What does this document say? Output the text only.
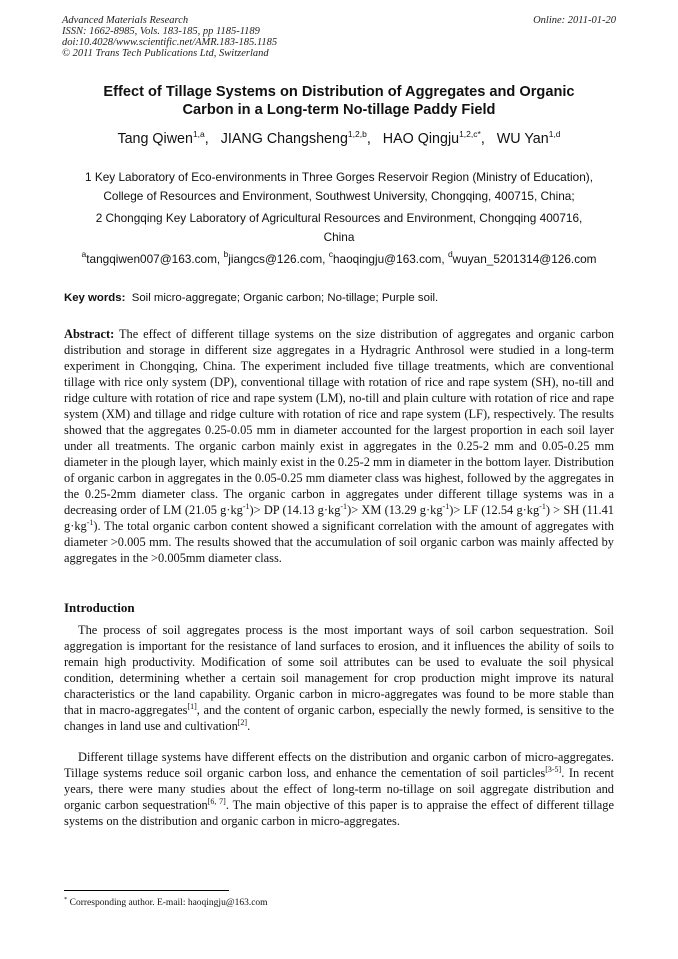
Advanced Materials Research
ISSN: 1662-8985, Vols. 183-185, pp 1185-1189
doi:10.4028/www.scientific.net/AMR.183-185.1185
© 2011 Trans Tech Publications Ltd, Switzerland
Online: 2011-01-20
Effect of Tillage Systems on Distribution of Aggregates and Organic
Carbon in a Long-term No-tillage Paddy Field
Tang Qiwen$^{1,a}$, JIANG Changsheng$^{1,2,b}$, HAO Qingju$^{1,2,c*}$, WU Yan$^{1,d}$
1 Key Laboratory of Eco-environments in Three Gorges Reservoir Region (Ministry of Education),
College of Resources and Environment, Southwest University, Chongqing, 400715, China;
2 Chongqing Key Laboratory of Agricultural Resources and Environment, Chongqing 400716,
China
$^a$tangqiwen007@163.com, $^b$jiangcs@126.com, $^c$haoqingju@163.com, $^d$wuyan_5201314@126.com
Key words: Soil micro-aggregate; Organic carbon; No-tillage; Purple soil.
Abstract: The effect of different tillage systems on the size distribution of aggregates and organic carbon distribution and storage in different size aggregates in a Hydragric Anthrosol were studied in a long-term experiment in Chongqing, China. The experiment included five tillage treatments, which are conventional tillage with rice only system (DP), conventional tillage with rotation of rice and rape system (SH), no-till and ridge culture with rotation of rice and rape system (LM), no-till and plain culture with rotation of rice and rape system (XM) and tillage and ridge culture with rotation of rice and rape system (LF), respectively. The results showed that the aggregates 0.25-0.05 mm in diameter accounted for the largest proportion in each soil layer under all treatments. The organic carbon mainly exist in aggregates in the 0.25-2 mm and 0.05-0.25 mm diameter in the plough layer, which mainly exist in the 0.25-2 mm in diameter in the bottom layer. Distribution of organic carbon in aggregates in the 0.05-0.25 mm diameter class was highest, followed by the aggregates in the 0.25-2mm diameter class. The organic carbon in aggregates under different tillage systems was in a decreasing order of LM (21.05 $g\cdot kg^{-1})>$ DP (14.13 $g\cdot kg^{-1})>$ XM (13.29 $g\cdot kg^{-1})>$ LF (12.54 $g\cdot kg^{-1}$) > SH (11.41 $g\cdot kg^{-1}$). The total organic carbon content showed a significant correlation with the amount of aggregates with diameter >0.005 mm. The results showed that the accumulation of soil organic carbon was mainly affected by aggregates in the >0.005mm diameter class.
Introduction
The process of soil aggregates process is the most important ways of soil carbon sequestration. Soil aggregation is important for the resistance of land surfaces to erosion, and it influences the ability of soils to remain high productivity. Modification of some soil attributes can be used to evaluate the soil physical condition, determining whether a certain soil management for crop production might improve its natural characteristics or the land capability. Organic carbon in micro-aggregates was found to be more stable than that in macro-aggregates[1], and the content of organic carbon, especially the newly formed, is sensitive to the changes in land use and cultivation[2].
Different tillage systems have different effects on the distribution and organic carbon of micro-aggregates. Tillage systems reduce soil organic carbon loss, and enhance the cementation of soil particles[3-5]. In recent years, there were many studies about the effect of long-term no-tillage on soil aggregate distribution and organic carbon sequestration[6, 7]. The main objective of this paper is to appraise the effect of different tillage systems on the distribution and organic carbon in micro-aggregates.
* Corresponding author. E-mail: haoqingju@163.com
